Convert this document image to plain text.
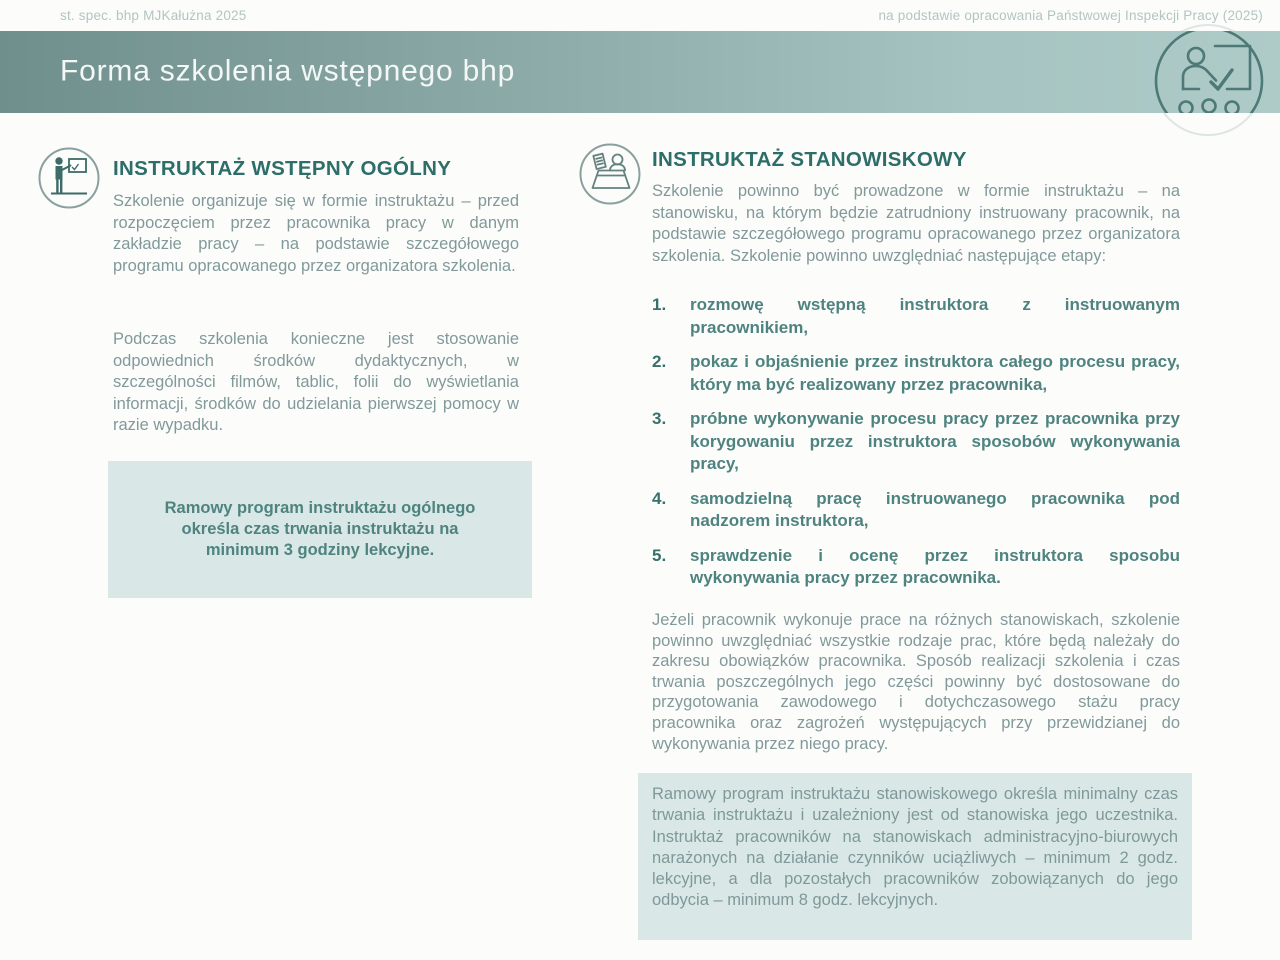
st. spec. bhp MJKałużna 2025	na podstawie opracowania Państwowej Inspekcji Pracy (2025)
Forma szkolenia wstępnego bhp
INSTRUKTAŻ WSTĘPNY OGÓLNY
Szkolenie organizuje się w formie instruktażu – przed rozpoczęciem przez pracownika pracy w danym zakładzie pracy – na podstawie szczegółowego programu opracowanego przez organizatora szkolenia.
Podczas szkolenia konieczne jest stosowanie odpowiednich środków dydaktycznych, w szczególności filmów, tablic, folii do wyświetlania informacji, środków do udzielania pierwszej pomocy w razie wypadku.
Ramowy program instruktażu ogólnego określa czas trwania instruktażu na minimum 3 godziny lekcyjne.
INSTRUKTAŻ STANOWISKOWY
Szkolenie powinno być prowadzone w formie instruktażu – na stanowisku, na którym będzie zatrudniony instruowany pracownik, na podstawie szczegółowego programu opracowanego przez organizatora szkolenia. Szkolenie powinno uwzględniać następujące etapy:
1.	rozmowę wstępną instruktora z instruowanym pracownikiem,
2.	pokaz i objaśnienie przez instruktora całego procesu pracy, który ma być realizowany przez pracownika,
3.	próbne wykonywanie procesu pracy przez pracownika przy korygowaniu przez instruktora sposobów wykonywania pracy,
4.	samodzielną pracę instruowanego pracownika pod nadzorem instruktora,
5.	sprawdzenie i ocenę przez instruktora sposobu wykonywania pracy przez pracownika.
Jeżeli pracownik wykonuje prace na różnych stanowiskach, szkolenie powinno uwzględniać wszystkie rodzaje prac, które będą należały do zakresu obowiązków pracownika. Sposób realizacji szkolenia i czas trwania poszczególnych jego części powinny być dostosowane do przygotowania zawodowego i dotychczasowego stażu pracy pracownika oraz zagrożeń występujących przy przewidzianej do wykonywania przez niego pracy.
Ramowy program instruktażu stanowiskowego określa minimalny czas trwania instruktażu i uzależniony jest od stanowiska jego uczestnika. Instruktaż pracowników na stanowiskach administracyjno-biurowych narażonych na działanie czynników uciążliwych – minimum 2 godz. lekcyjne, a dla pozostałych pracowników zobowiązanych do jego odbycia – minimum 8 godz. lekcyjnych.
